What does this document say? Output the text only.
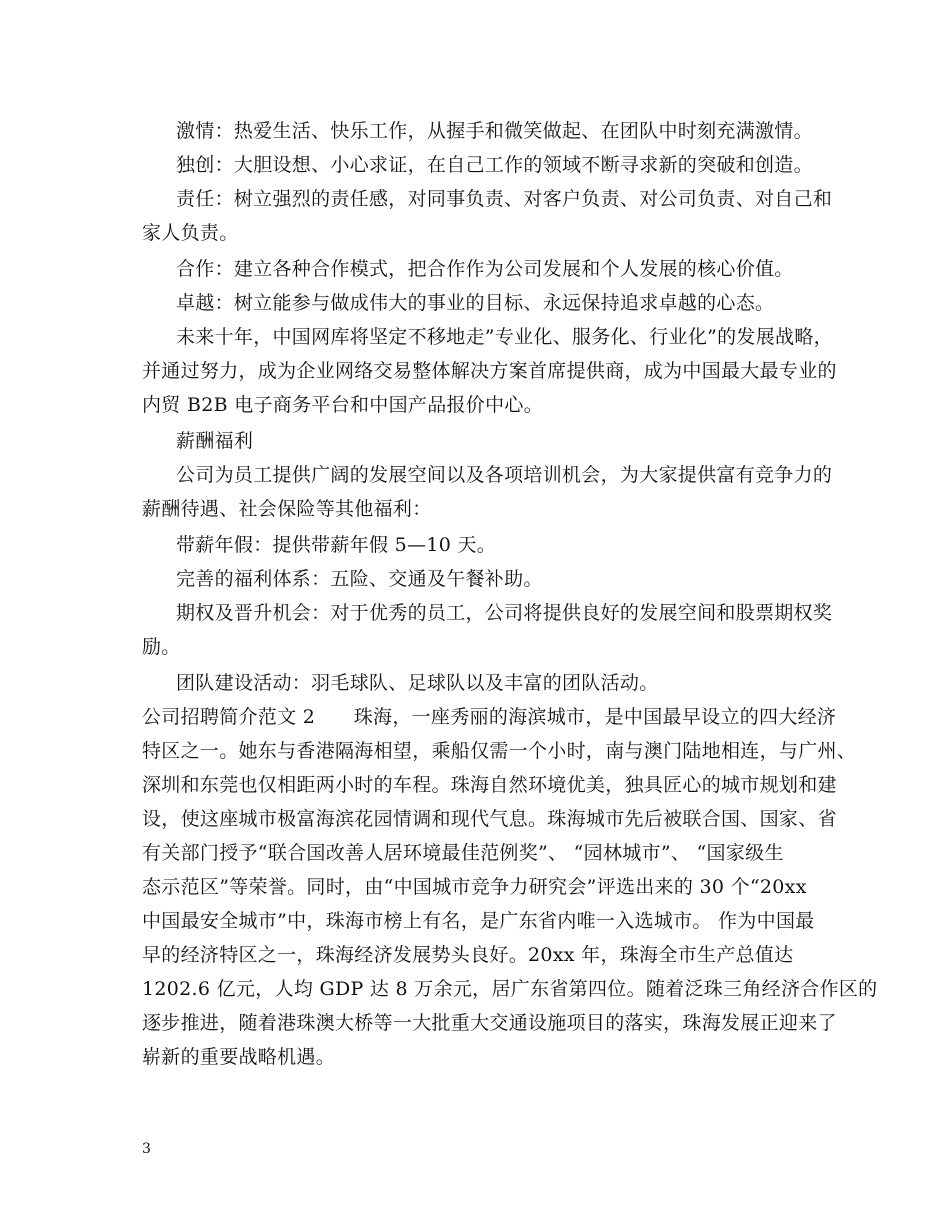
激情：热爱生活、快乐工作，从握手和微笑做起、在团队中时刻充满激情。
独创：大胆设想、小心求证，在自己工作的领域不断寻求新的突破和创造。
责任：树立强烈的责任感，对同事负责、对客户负责、对公司负责、对自己和
家人负责。
合作：建立各种合作模式，把合作作为公司发展和个人发展的核心价值。
卓越：树立能参与做成伟大的事业的目标、永远保持追求卓越的心态。
未来十年，中国网库将坚定不移地走”专业化、服务化、行业化”的发展战略，
并通过努力，成为企业网络交易整体解决方案首席提供商，成为中国最大最专业的
内贸 B2B 电子商务平台和中国产品报价中心。
薪酬福利
公司为员工提供广阔的发展空间以及各项培训机会，为大家提供富有竞争力的
薪酬待遇、社会保险等其他福利：
带薪年假：提供带薪年假 5—10 天。
完善的福利体系：五险、交通及午餐补助。
期权及晋升机会：对于优秀的员工，公司将提供良好的发展空间和股票期权奖
励。
团队建设活动：羽毛球队、足球队以及丰富的团队活动。
公司招聘简介范文 2　　珠海，一座秀丽的海滨城市，是中国最早设立的四大经济
特区之一。她东与香港隔海相望，乘船仅需一个小时，南与澳门陆地相连，与广州、
深圳和东莞也仅相距两小时的车程。珠海自然环境优美，独具匠心的城市规划和建
设，使这座城市极富海滨花园情调和现代气息。珠海城市先后被联合国、国家、省
有关部门授予“联合国改善人居环境最佳范例奖”、 “园林城市”、 “国家级生
态示范区”等荣誉。同时，由“中国城市竞争力研究会”评选出来的 30 个“20xx
中国最安全城市”中，珠海市榜上有名，是广东省内唯一入选城市。 作为中国最
早的经济特区之一，珠海经济发展势头良好。20xx 年，珠海全市生产总值达
1202.6 亿元，人均 GDP 达 8 万余元，居广东省第四位。随着泛珠三角经济合作区的
逐步推进，随着港珠澳大桥等一大批重大交通设施项目的落实，珠海发展正迎来了
崭新的重要战略机遇。
3
